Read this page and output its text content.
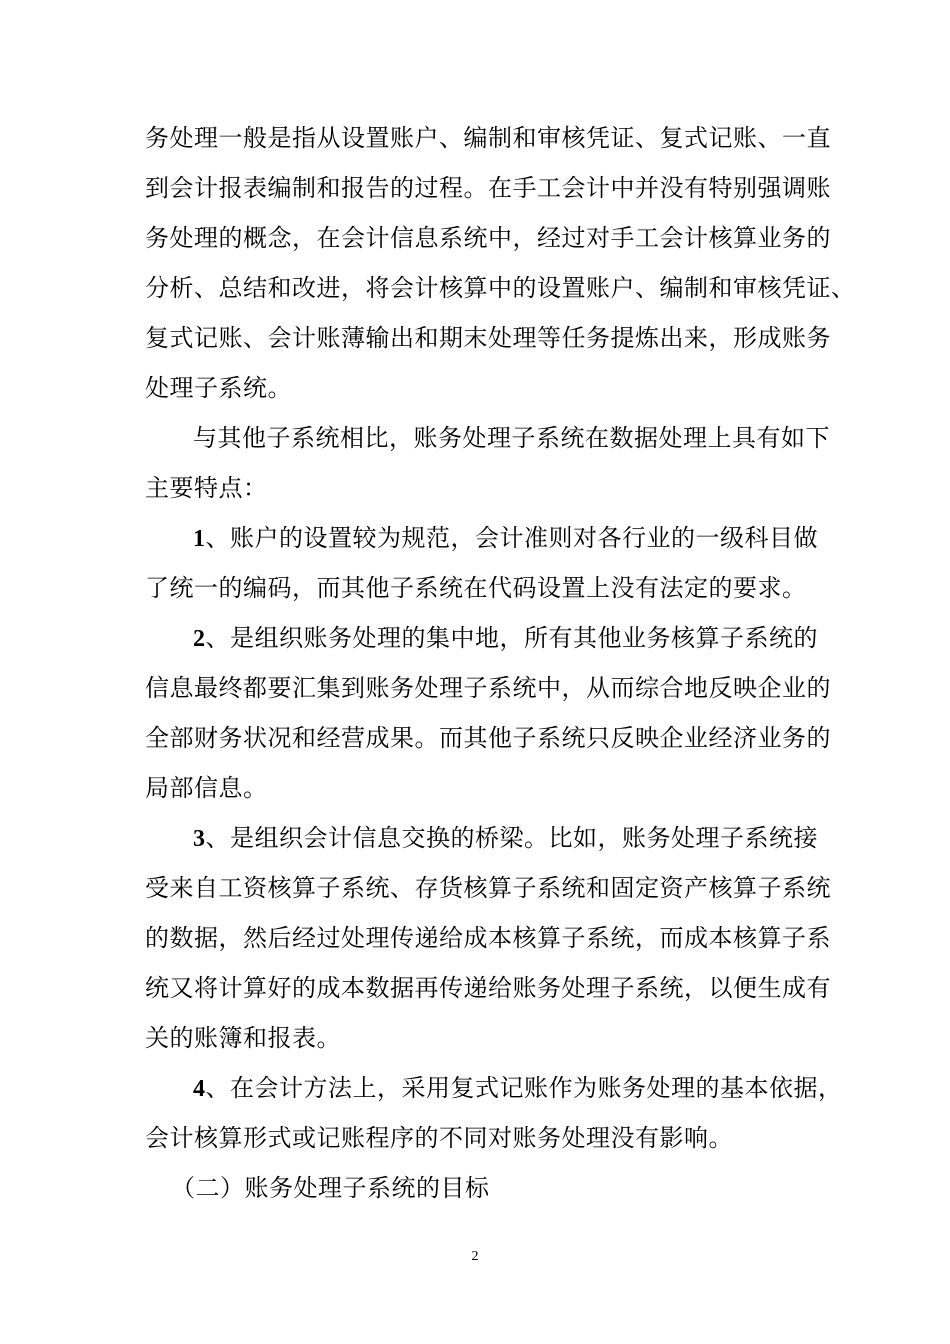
务处理一般是指从设置账户、编制和审核凭证、复式记账、一直
到会计报表编制和报告的过程。在手工会计中并没有特别强调账
务处理的概念，在会计信息系统中，经过对手工会计核算业务的
分析、总结和改进，将会计核算中的设置账户、编制和审核凭证、
复式记账、会计账薄输出和期末处理等任务提炼出来，形成账务
处理子系统。
与其他子系统相比，账务处理子系统在数据处理上具有如下
主要特点：
1、账户的设置较为规范，会计准则对各行业的一级科目做
了统一的编码，而其他子系统在代码设置上没有法定的要求。
2、是组织账务处理的集中地，所有其他业务核算子系统的
信息最终都要汇集到账务处理子系统中，从而综合地反映企业的
全部财务状况和经营成果。而其他子系统只反映企业经济业务的
局部信息。
3、是组织会计信息交换的桥梁。比如，账务处理子系统接
受来自工资核算子系统、存货核算子系统和固定资产核算子系统
的数据，然后经过处理传递给成本核算子系统，而成本核算子系
统又将计算好的成本数据再传递给账务处理子系统，以便生成有
关的账簿和报表。
4、在会计方法上，采用复式记账作为账务处理的基本依据，
会计核算形式或记账程序的不同对账务处理没有影响。
（二）账务处理子系统的目标
2
